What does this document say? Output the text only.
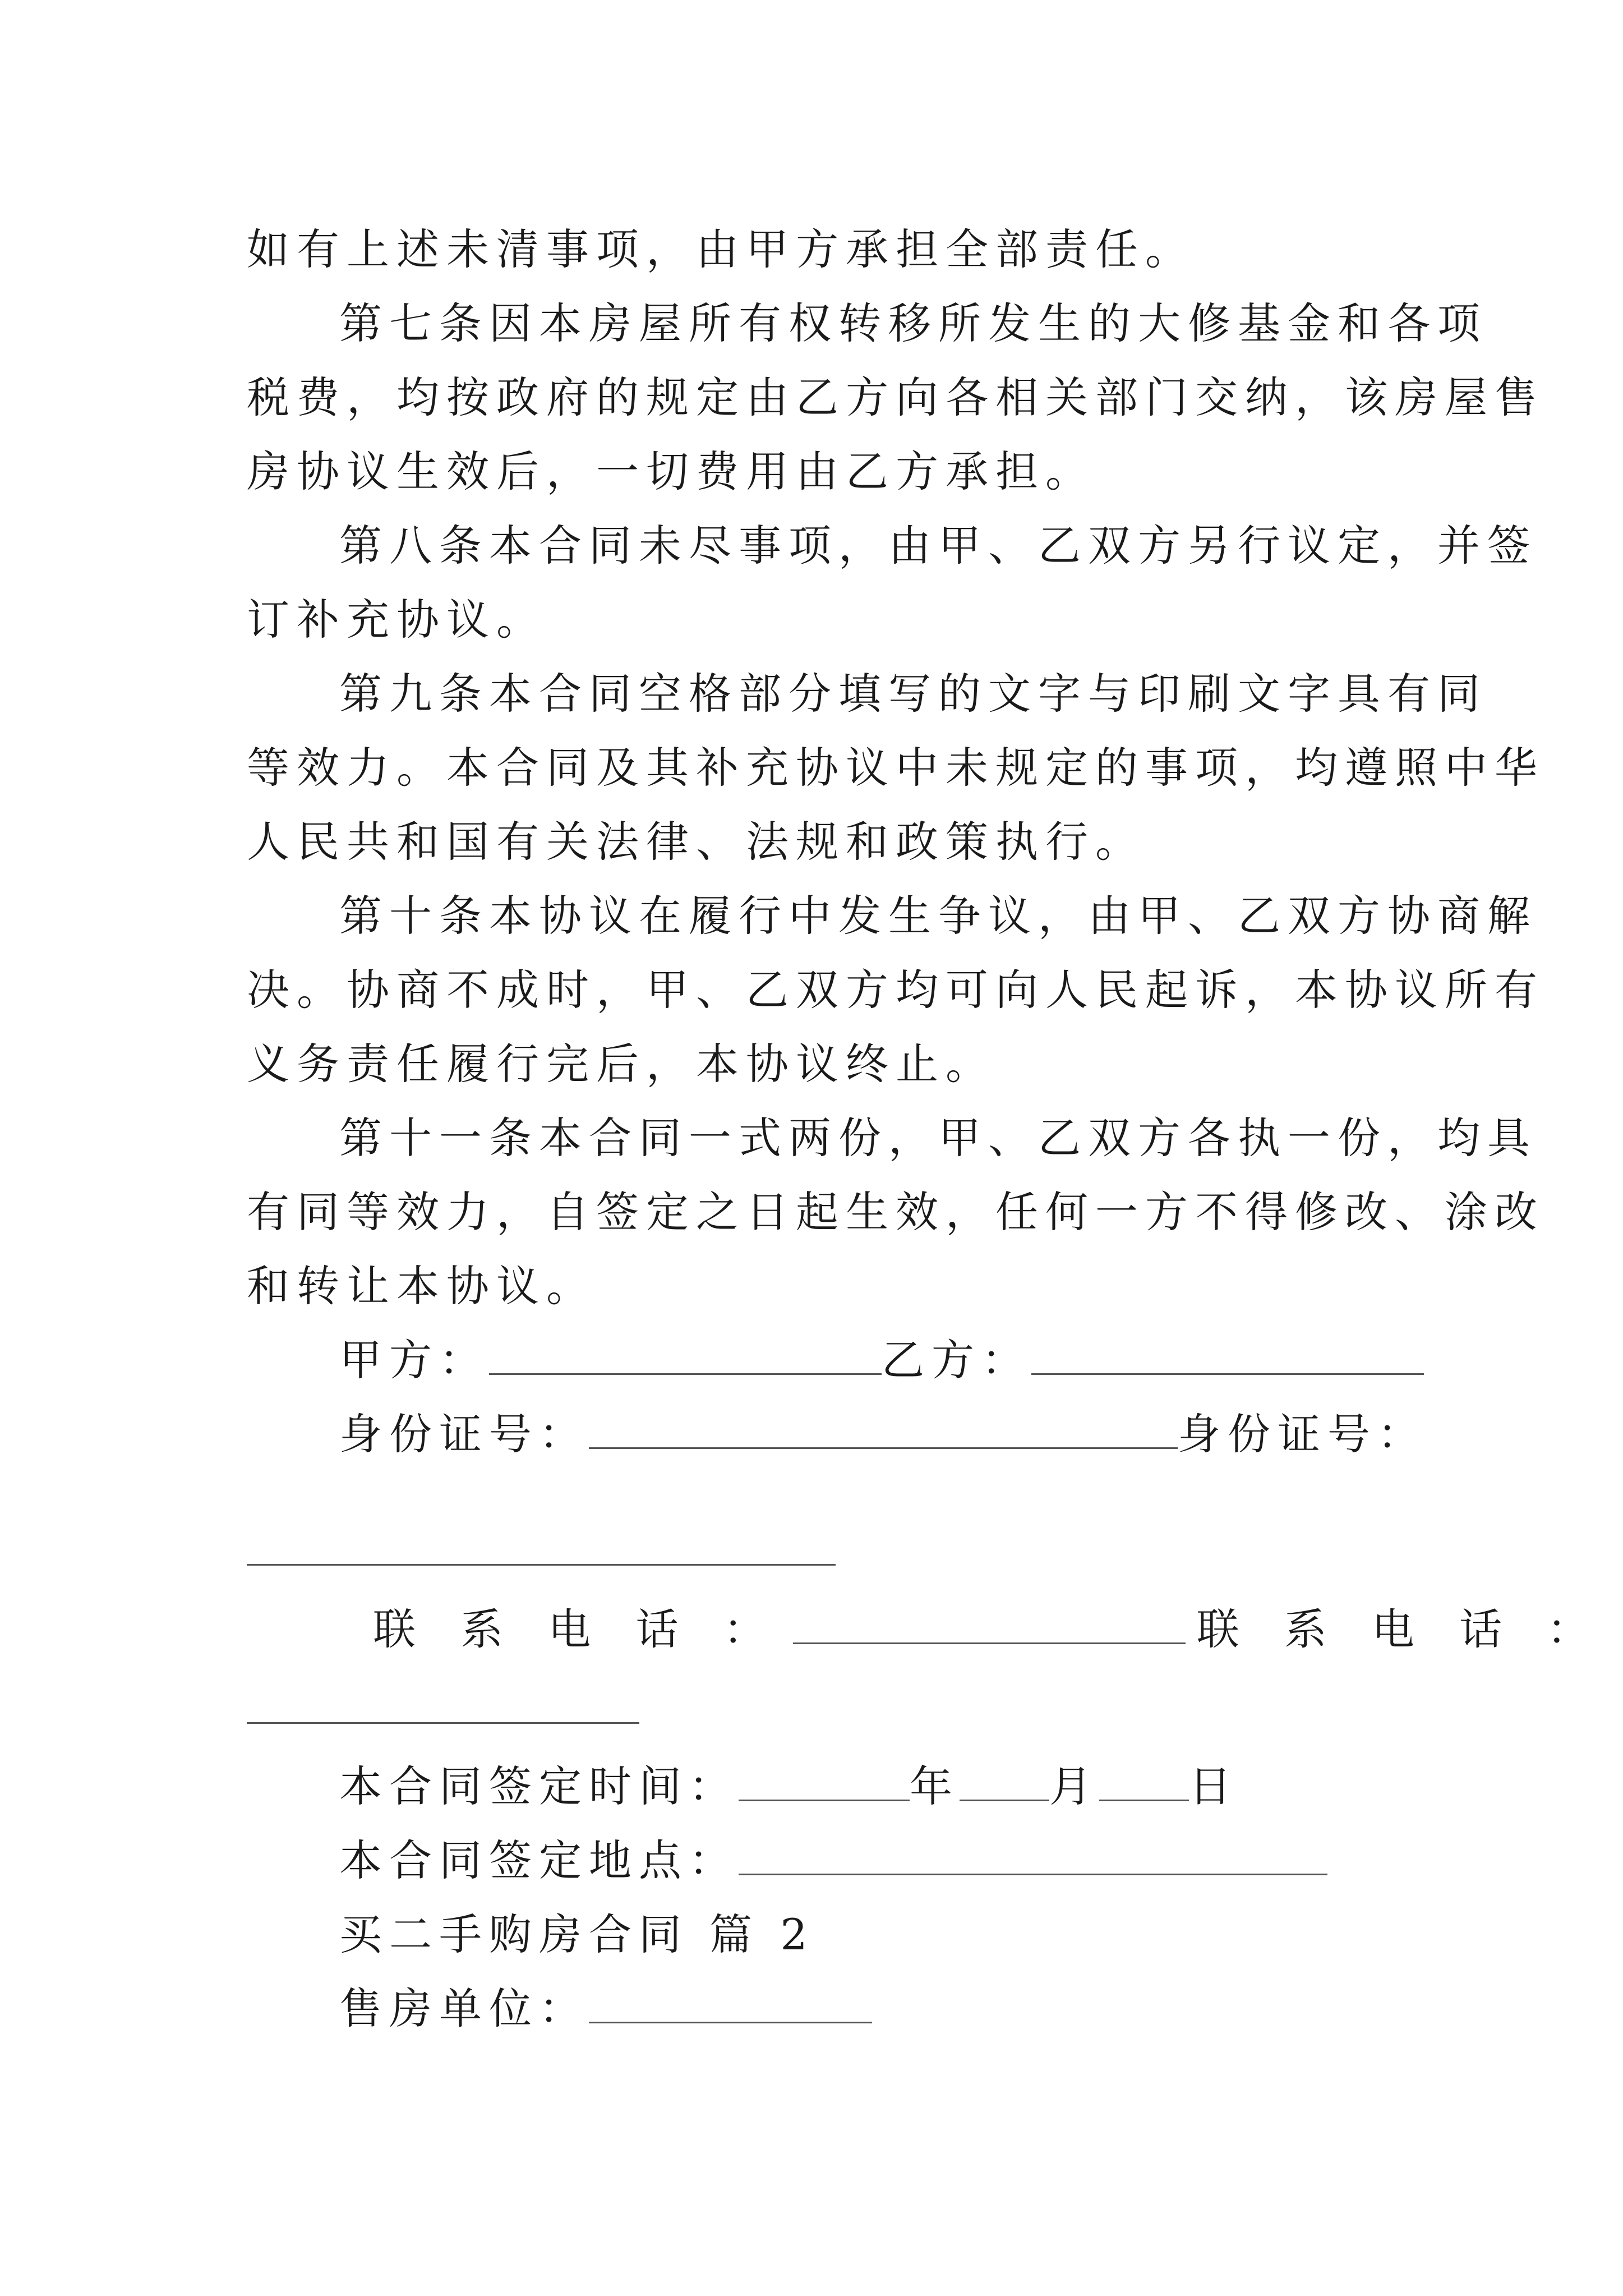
如有上述未清事项，由甲方承担全部责任。
第七条因本房屋所有权转移所发生的大修基金和各项
税费，均按政府的规定由乙方向各相关部门交纳，该房屋售
房协议生效后，一切费用由乙方承担。
第八条本合同未尽事项，由甲、乙双方另行议定，并签
订补充协议。
第九条本合同空格部分填写的文字与印刷文字具有同
等效力。本合同及其补充协议中未规定的事项，均遵照中华
人民共和国有关法律、法规和政策执行。
第十条本协议在履行中发生争议，由甲、乙双方协商解
决。协商不成时，甲、乙双方均可向人民起诉，本协议所有
义务责任履行完后，本协议终止。
第十一条本合同一式两份，甲、乙双方各执一份，均具
有同等效力，自签定之日起生效，任何一方不得修改、涂改
和转让本协议。
甲方：	乙方：
身份证号：	身份证号：
联 系 电 话 ：	联 系 电 话 ：
本合同签定时间：	年 月 日
本合同签定地点：
买二手购房合同 篇 2
售房单位：
